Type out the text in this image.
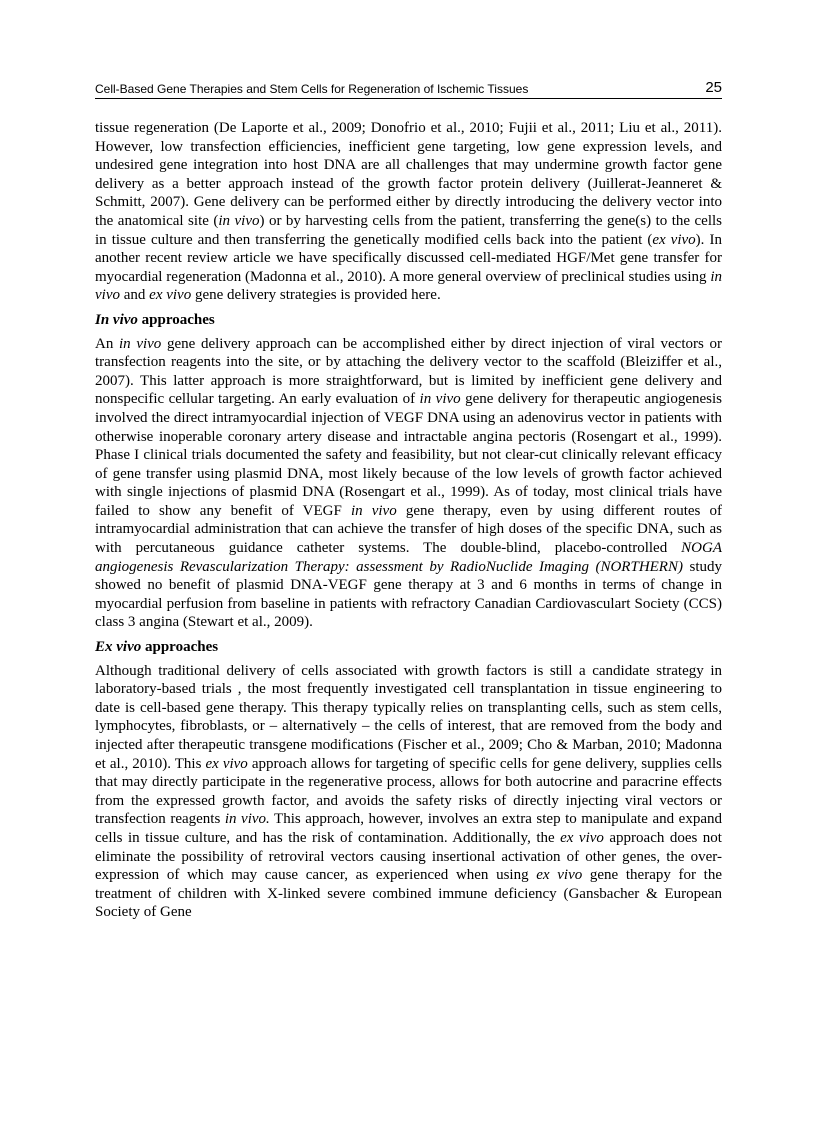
Cell-Based Gene Therapies and Stem Cells for Regeneration of Ischemic Tissues	25

tissue regeneration (De Laporte et al., 2009; Donofrio et al., 2010; Fujii et al., 2011; Liu et al., 2011). However, low transfection efficiencies, inefficient gene targeting, low gene expression levels, and undesired gene integration into host DNA are all challenges that may undermine growth factor gene delivery as a better approach instead of the growth factor protein delivery (Juillerat-Jeanneret & Schmitt, 2007). Gene delivery can be performed either by directly introducing the delivery vector into the anatomical site (in vivo) or by harvesting cells from the patient, transferring the gene(s) to the cells in tissue culture and then transferring the genetically modified cells back into the patient (ex vivo). In another recent review article we have specifically discussed cell-mediated HGF/Met gene transfer for myocardial regeneration (Madonna et al., 2010). A more general overview of preclinical studies using in vivo and ex vivo gene delivery strategies is provided here.

In vivo approaches

An in vivo gene delivery approach can be accomplished either by direct injection of viral vectors or transfection reagents into the site, or by attaching the delivery vector to the scaffold (Bleiziffer et al., 2007). This latter approach is more straightforward, but is limited by inefficient gene delivery and nonspecific cellular targeting. An early evaluation of in vivo gene delivery for therapeutic angiogenesis involved the direct intramyocardial injection of VEGF DNA using an adenovirus vector in patients with otherwise inoperable coronary artery disease and intractable angina pectoris (Rosengart et al., 1999). Phase I clinical trials documented the safety and feasibility, but not clear-cut clinically relevant efficacy of gene transfer using plasmid DNA, most likely because of the low levels of growth factor achieved with single injections of plasmid DNA (Rosengart et al., 1999). As of today, most clinical trials have failed to show any benefit of VEGF in vivo gene therapy, even by using different routes of intramyocardial administration that can achieve the transfer of high doses of the specific DNA, such as with percutaneous guidance catheter systems. The double-blind, placebo-controlled NOGA angiogenesis Revascularization Therapy: assessment by RadioNuclide Imaging (NORTHERN) study showed no benefit of plasmid DNA-VEGF gene therapy at 3 and 6 months in terms of change in myocardial perfusion from baseline in patients with refractory Canadian Cardiovasculart Society (CCS) class 3 angina (Stewart et al., 2009).

Ex vivo approaches

Although traditional delivery of cells associated with growth factors is still a candidate strategy in laboratory-based trials , the most frequently investigated cell transplantation in tissue engineering to date is cell-based gene therapy. This therapy typically relies on transplanting cells, such as stem cells, lymphocytes, fibroblasts, or – alternatively – the cells of interest, that are removed from the body and injected after therapeutic transgene modifications (Fischer et al., 2009; Cho & Marban, 2010; Madonna et al., 2010). This ex vivo approach allows for targeting of specific cells for gene delivery, supplies cells that may directly participate in the regenerative process, allows for both autocrine and paracrine effects from the expressed growth factor, and avoids the safety risks of directly injecting viral vectors or transfection reagents in vivo. This approach, however, involves an extra step to manipulate and expand cells in tissue culture, and has the risk of contamination. Additionally, the ex vivo approach does not eliminate the possibility of retroviral vectors causing insertional activation of other genes, the over-expression of which may cause cancer, as experienced when using ex vivo gene therapy for the treatment of children with X-linked severe combined immune deficiency (Gansbacher & European Society of Gene
